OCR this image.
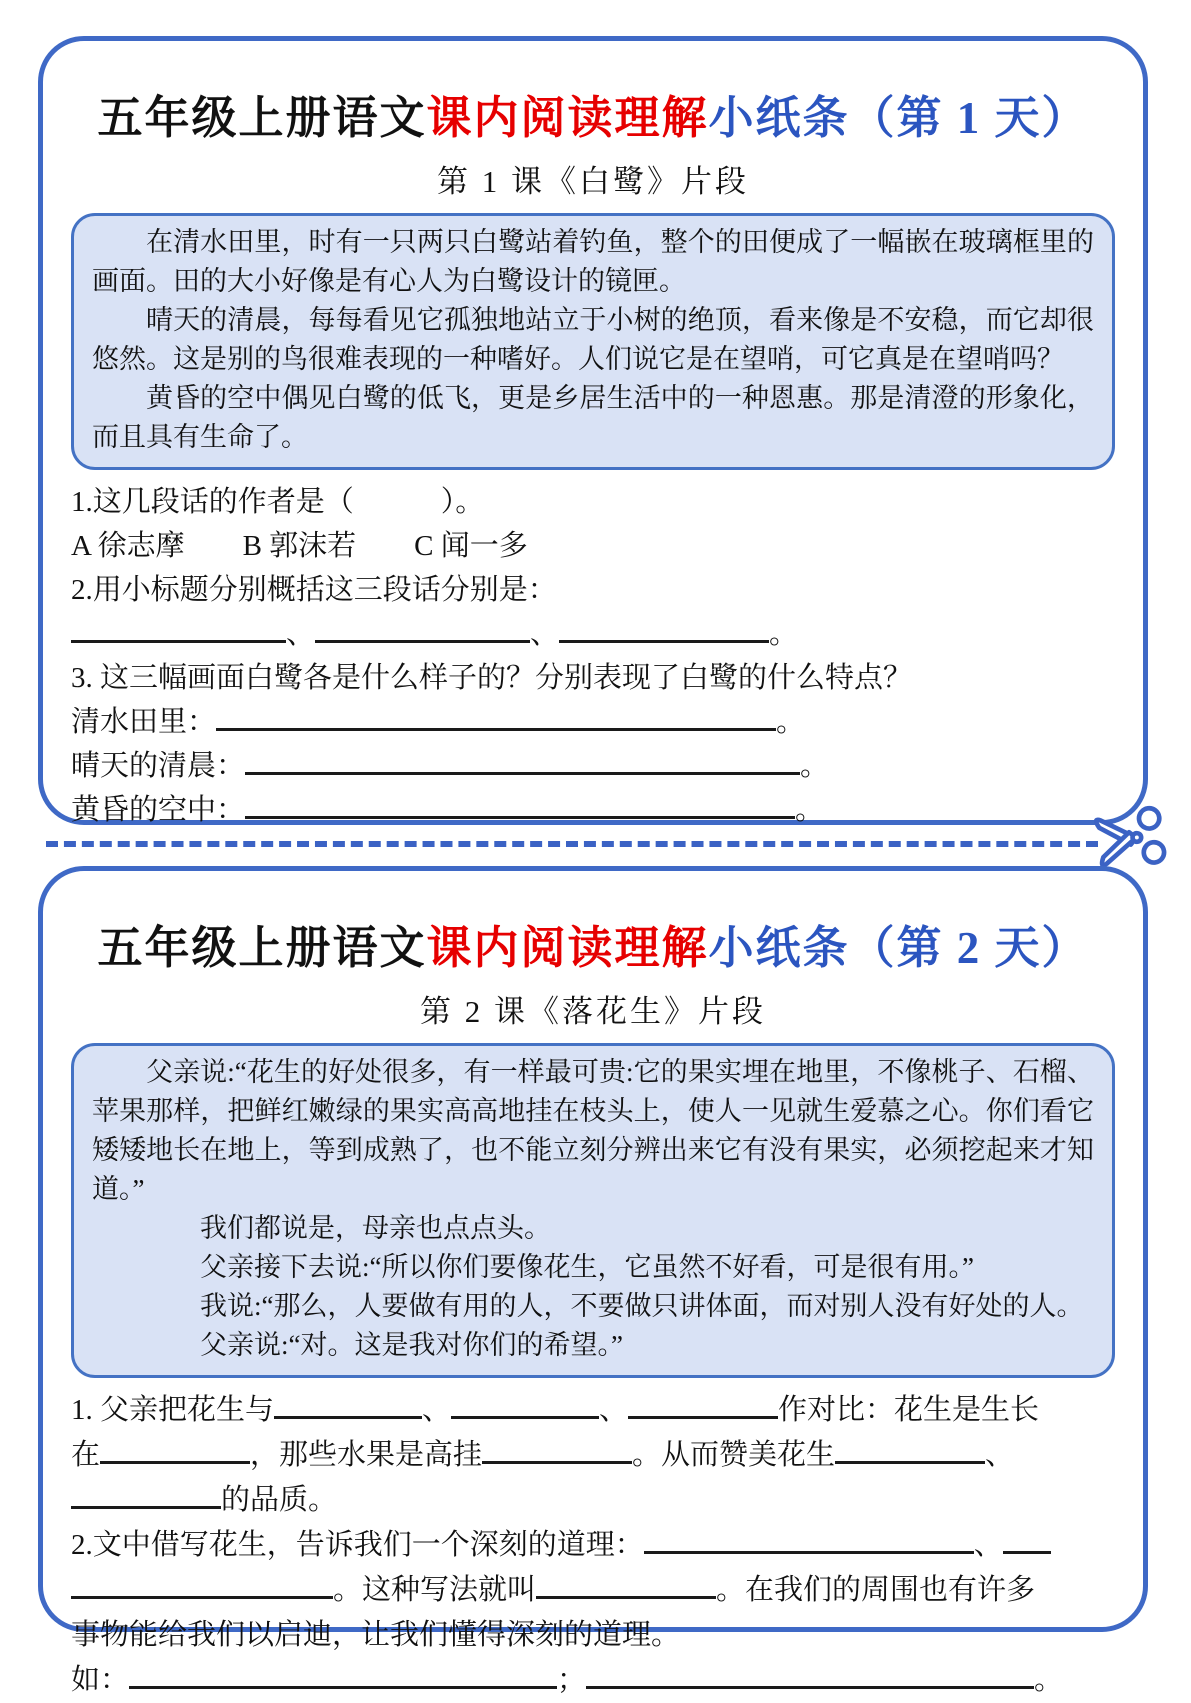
五年级上册语文课内阅读理解小纸条（第 1 天）
第 1 课《白鹭》片段

在清水田里，时有一只两只白鹭站着钓鱼，整个的田便成了一幅嵌在玻璃框里的画面。田的大小好像是有心人为白鹭设计的镜匣。

晴天的清晨，每每看见它孤独地站立于小树的绝顶，看来像是不安稳，而它却很悠然。这是别的鸟很难表现的一种嗜好。人们说它是在望哨，可它真是在望哨吗？

黄昏的空中偶见白鹭的低飞，更是乡居生活中的一种恩惠。那是清澄的形象化，而且具有生命了。

1.这几段话的作者是（　　　）。
A 徐志摩　　B 郭沫若　　C 闻一多
2.用小标题分别概括这三段话分别是：
、	、	。
3. 这三幅画面白鹭各是什么样子的？分别表现了白鹭的什么特点？
清水田里：	。
晴天的清晨：	。
黄昏的空中：	。
五年级上册语文课内阅读理解小纸条（第 2 天）
第 2 课《落花生》片段

父亲说:“花生的好处很多，有一样最可贵:它的果实埋在地里，不像桃子、石榴、苹果那样，把鲜红嫩绿的果实高高地挂在枝头上，使人一见就生爱慕之心。你们看它矮矮地长在地上，等到成熟了，也不能立刻分辨出来它有没有果实，必须挖起来才知道。”

我们都说是，母亲也点点头。

父亲接下去说:“所以你们要像花生，它虽然不好看，可是很有用。”

我说:“那么，人要做有用的人，不要做只讲体面，而对别人没有好处的人。

父亲说:“对。这是我对你们的希望。”

1. 父亲把花生与	、	、	作对比：花生是生长
在	，那些水果是高挂	。从而赞美花生	、
的品质。
2.文中借写花生，告诉我们一个深刻的道理：	、
。这种写法就叫	。在我们的周围也有许多
事物能给我们以启迪，让我们懂得深刻的道理。
如：	；	。
